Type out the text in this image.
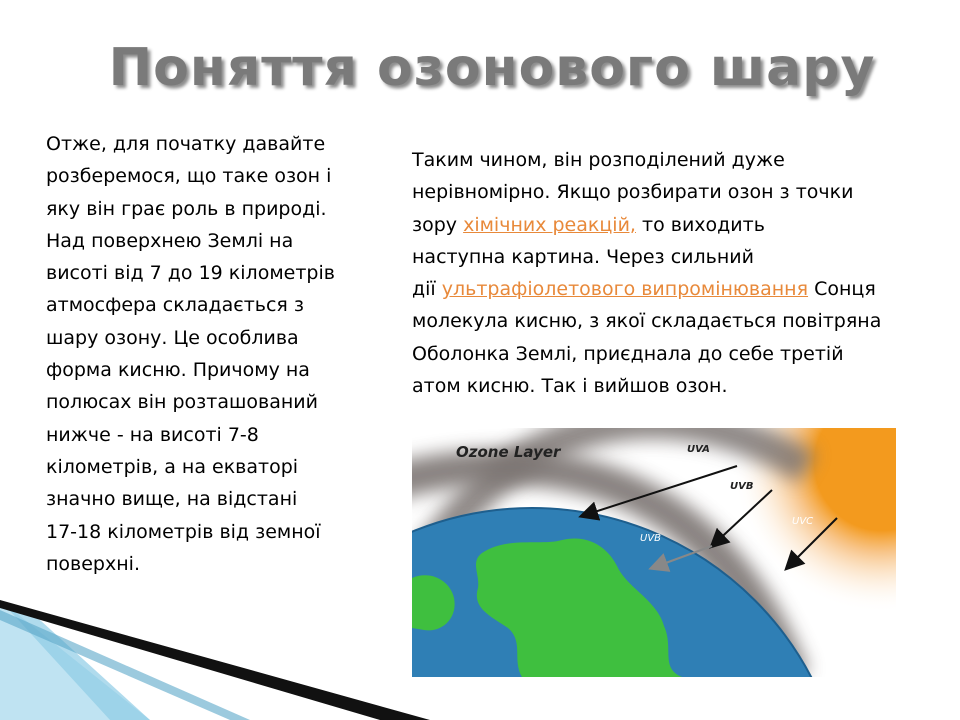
Поняття озонового шару
Отже, для початку давайте
розберемося, що таке озон і
яку він грає роль в природі.
Над поверхнею Землі на
висоті від 7 до 19 кілометрів
атмосфера складається з
шару озону. Це особлива
форма кисню. Причому на
полюсах він розташований
нижче - на висоті 7-8
кілометрів, а на екваторі
значно вище, на відстані
17-18 кілометрів від земної
поверхні.
Таким чином, він розподілений дуже
нерівномірно. Якщо розбирати озон з точки
зору хімічних реакцій, то виходить
наступна картина. Через сильний
дії ультрафіолетового випромінювання Сонця
молекула кисню, з якої складається повітряна
Оболонка Землі, приєднала до себе третій
атом кисню. Так і вийшов озон.
Ozone Layer	UVA
UVB
UVB
UVC
